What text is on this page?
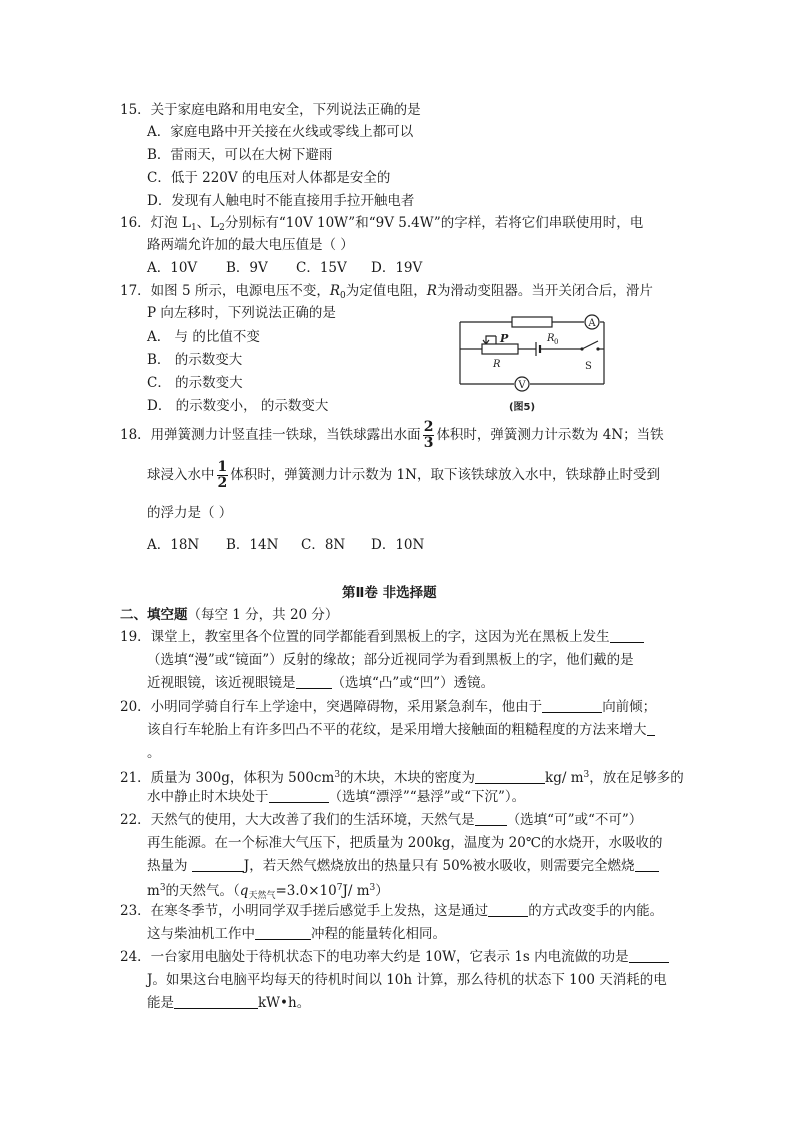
15．关于家庭电路和用电安全，下列说法正确的是
A．家庭电路中开关接在火线或零线上都可以
B．雷雨天，可以在大树下避雨
C．低于 220V 的电压对人体都是安全的
D．发现有人触电时不能直接用手拉开触电者
16．灯泡 $L_1$、$L_2$分别标有“10V 10W”和“9V 5.4W”的字样，若将它们串联使用时，电
路两端允许加的最大电压值是（ ）
A．10V B．9V C．15V D．19V
17．如图 5 所示，电源电压不变，$R_0$为定值电阻，R为滑动变阻器。当开关闭合后，滑片
P 向左移时，下列说法正确的是
A． 与 的比值不变
B． 的示数变大
C． 的示数变大
D． 的示数变小， 的示数变大
A
V
R 0
P
R	S
(图5)
18．用弹簧测力计竖直挂一铁球，当铁球露出水面 $\frac{2}{3}$ 体积时，弹簧测力计示数为 4N；当铁
球浸入水中 $\frac{1}{2}$ 体积时，弹簧测力计示数为 1N，取下该铁球放入水中，铁球静止时受到
的浮力是（ ）
A．18N B．14N C．8N D．10N
第Ⅱ卷 非选择题
二、填空题（每空 1 分，共 20 分）
19．课堂上，教室里各个位置的同学都能看到黑板上的字，这因为光在黑板上发生
（选填“漫”或“镜面”）反射的缘故；部分近视同学为看到黑板上的字，他们戴的是
近视眼镜，该近视眼镜是	（选填“凸”或“凹”）透镜。
20．小明同学骑自行车上学途中，突遇障碍物，采用紧急刹车，他由于	向前倾；
该自行车轮胎上有许多凹凸不平的花纹，是采用增大接触面的粗糙程度的方法来增大
。
21．质量为 300g，体积为 $500cm^3$的木块，木块的密度为	kg/ $m^3$，放在足够多的
水中静止时木块处于	（选填“漂浮”“悬浮”或“下沉”）。
22．天然气的使用，大大改善了我们的生活环境，天然气是 （选填“可”或“不可”）
再生能源。在一个标准大气压下，把质量为 200kg，温度为 20℃的水烧开，水吸收的
热量为	J，若天然气燃烧放出的热量只有 50%被水吸收，则需要完全燃烧
$m^3$的天然气。（$q_{天然气}=3.0\times 10^7J/$ $m^3$）
23．在寒冬季节，小明同学双手搓后感觉手上发热，这是通过	的方式改变手的内能。
这与柴油机工作中	冲程的能量转化相同。
24．一台家用电脑处于待机状态下的电功率大约是 10W，它表示 1s 内电流做的功是
J。如果这台电脑平均每天的待机时间以 10h 计算，那么待机的状态下 100 天消耗的电
能是	kW•h。
